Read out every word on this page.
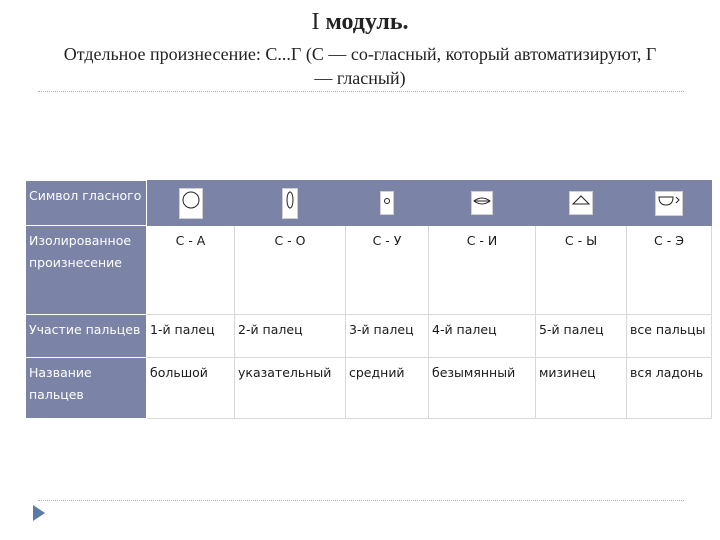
I модуль.
Отдельное произнесение: С...Г (С — со-гласный, который автоматизируют, Г — гласный)
Символ гласного						
Изолированное произнесение	С - А	С - О	С - У	С - И	С - Ы	С - Э
Участие пальцев	1-й палец	2-й палец	3-й палец	4-й палец	5-й палец	все пальцы
Название пальцев	большой	указательный	средний	безымянный	мизинец	вся ладонь
